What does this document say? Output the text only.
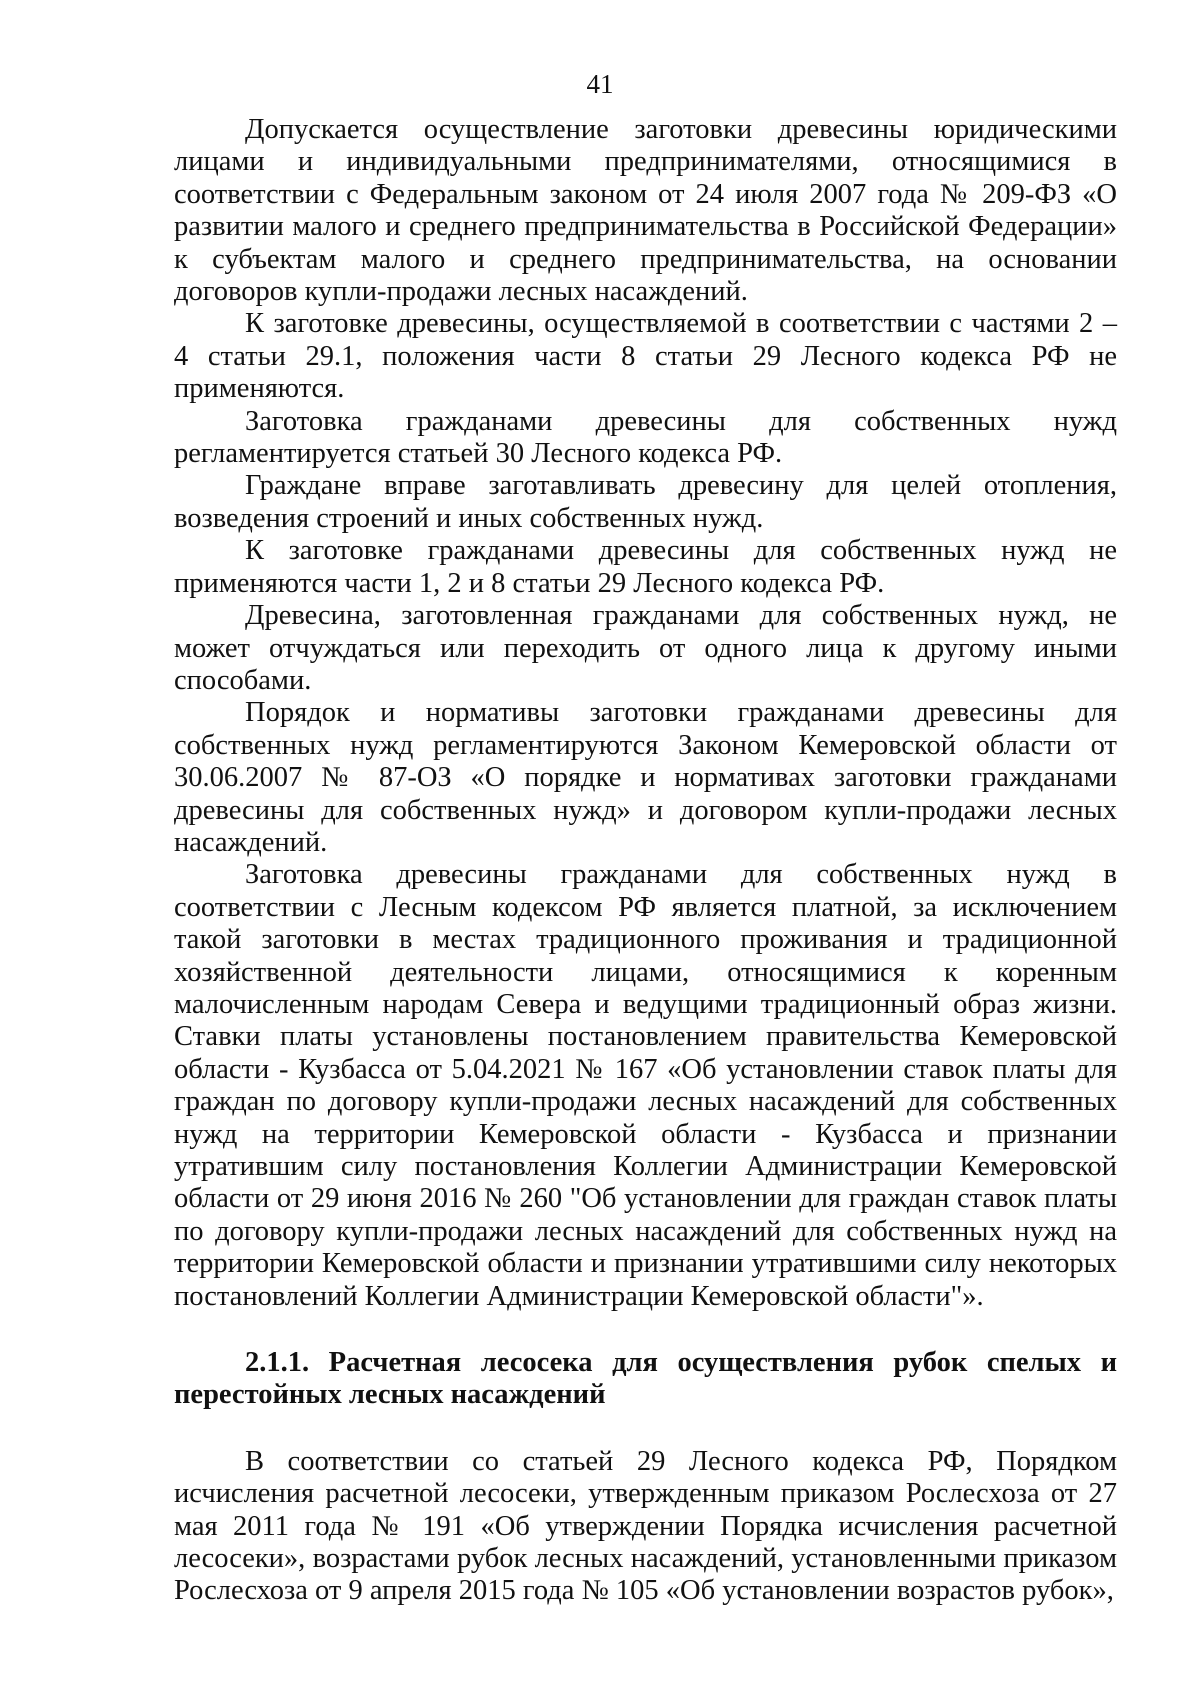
41

Допускается осуществление заготовки древесины юридическими лицами и индивидуальными предпринимателями, относящимися в соответствии с Федеральным законом от 24 июля 2007 года № 209-ФЗ «О развитии малого и среднего предпринимательства в Российской Федерации» к субъектам малого и среднего предпринимательства, на основании договоров купли-продажи лесных насаждений.

К заготовке древесины, осуществляемой в соответствии с частями 2 – 4 статьи 29.1, положения части 8 статьи 29 Лесного кодекса РФ не применяются.

Заготовка гражданами древесины для собственных нужд регламентируется статьей 30 Лесного кодекса РФ.

Граждане вправе заготавливать древесину для целей отопления, возведения строений и иных собственных нужд.

К заготовке гражданами древесины для собственных нужд не применяются части 1, 2 и 8 статьи 29 Лесного кодекса РФ.

Древесина, заготовленная гражданами для собственных нужд, не может отчуждаться или переходить от одного лица к другому иными способами.

Порядок и нормативы заготовки гражданами древесины для собственных нужд регламентируются Законом Кемеровской области от 30.06.2007 № 87-ОЗ «О порядке и нормативах заготовки гражданами древесины для собственных нужд» и договором купли-продажи лесных насаждений.

Заготовка древесины гражданами для собственных нужд в соответствии с Лесным кодексом РФ является платной, за исключением такой заготовки в местах традиционного проживания и традиционной хозяйственной деятельности лицами, относящимися к коренным малочисленным народам Севера и ведущими традиционный образ жизни. Ставки платы установлены постановлением правительства Кемеровской области - Кузбасса от 5.04.2021 № 167 «Об установлении ставок платы для граждан по договору купли-продажи лесных насаждений для собственных нужд на территории Кемеровской области - Кузбасса и признании утратившим силу постановления Коллегии Администрации Кемеровской области от 29 июня 2016 № 260 "Об установлении для граждан ставок платы по договору купли-продажи лесных насаждений для собственных нужд на территории Кемеровской области и признании утратившими силу некоторых постановлений Коллегии Администрации Кемеровской области"».

2.1.1. Расчетная лесосека для осуществления рубок спелых и перестойных лесных насаждений

В соответствии со статьей 29 Лесного кодекса РФ, Порядком исчисления расчетной лесосеки, утвержденным приказом Рослесхоза от 27 мая 2011 года № 191 «Об утверждении Порядка исчисления расчетной лесосеки», возрастами рубок лесных насаждений, установленными приказом Рослесхоза от 9 апреля 2015 года № 105 «Об установлении возрастов рубок»,
